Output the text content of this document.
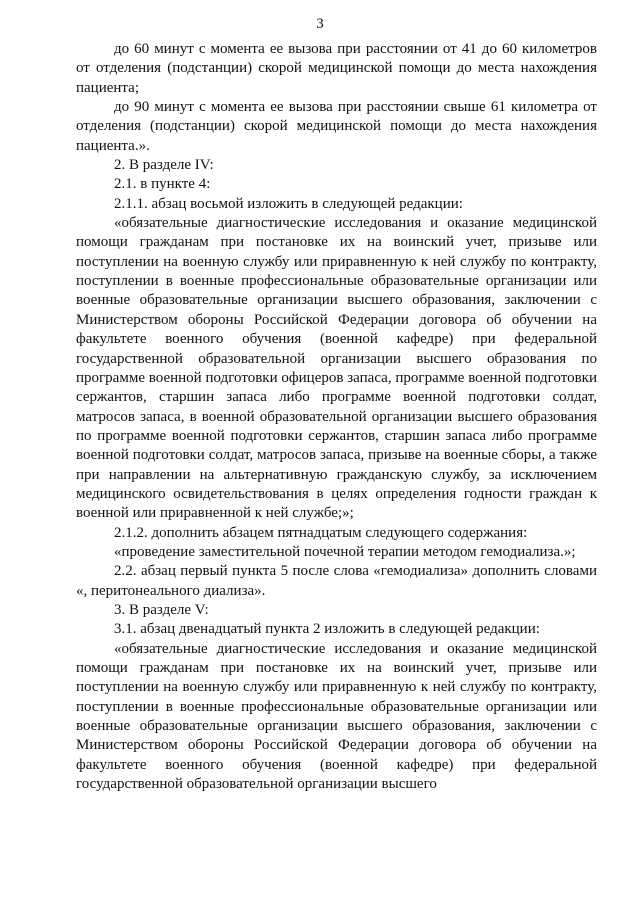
3

до 60 минут с момента ее вызова при расстоянии от 41 до 60 километров от отделения (подстанции) скорой медицинской помощи до места нахождения пациента;

до 90 минут с момента ее вызова при расстоянии свыше 61 километра от отделения (подстанции) скорой медицинской помощи до места нахождения пациента.».

2. В разделе IV:

2.1. в пункте 4:

2.1.1. абзац восьмой изложить в следующей редакции:

«обязательные диагностические исследования и оказание медицинской помощи гражданам при постановке их на воинский учет, призыве или поступлении на военную службу или приравненную к ней службу по контракту, поступлении в военные профессиональные образовательные организации или военные образовательные организации высшего образования, заключении с Министерством обороны Российской Федерации договора об обучении на факультете военного обучения (военной кафедре) при федеральной государственной образовательной организации высшего образования по программе военной подготовки офицеров запаса, программе военной подготовки сержантов, старшин запаса либо программе военной подготовки солдат, матросов запаса, в военной образовательной организации высшего образования по программе военной подготовки сержантов, старшин запаса либо программе военной подготовки солдат, матросов запаса, призыве на военные сборы, а также при направлении на альтернативную гражданскую службу, за исключением медицинского освидетельствования в целях определения годности граждан к военной или приравненной к ней службе;»;

2.1.2. дополнить абзацем пятнадцатым следующего содержания:

«проведение заместительной почечной терапии методом гемодиализа.»;

2.2. абзац первый пункта 5 после слова «гемодиализа» дополнить словами «, перитонеального диализа».

3. В разделе V:

3.1. абзац двенадцатый пункта 2 изложить в следующей редакции:

«обязательные диагностические исследования и оказание медицинской помощи гражданам при постановке их на воинский учет, призыве или поступлении на военную службу или приравненную к ней службу по контракту, поступлении в военные профессиональные образовательные организации или военные образовательные организации высшего образования, заключении с Министерством обороны Российской Федерации договора об обучении на факультете военного обучения (военной кафедре) при федеральной государственной образовательной организации высшего
